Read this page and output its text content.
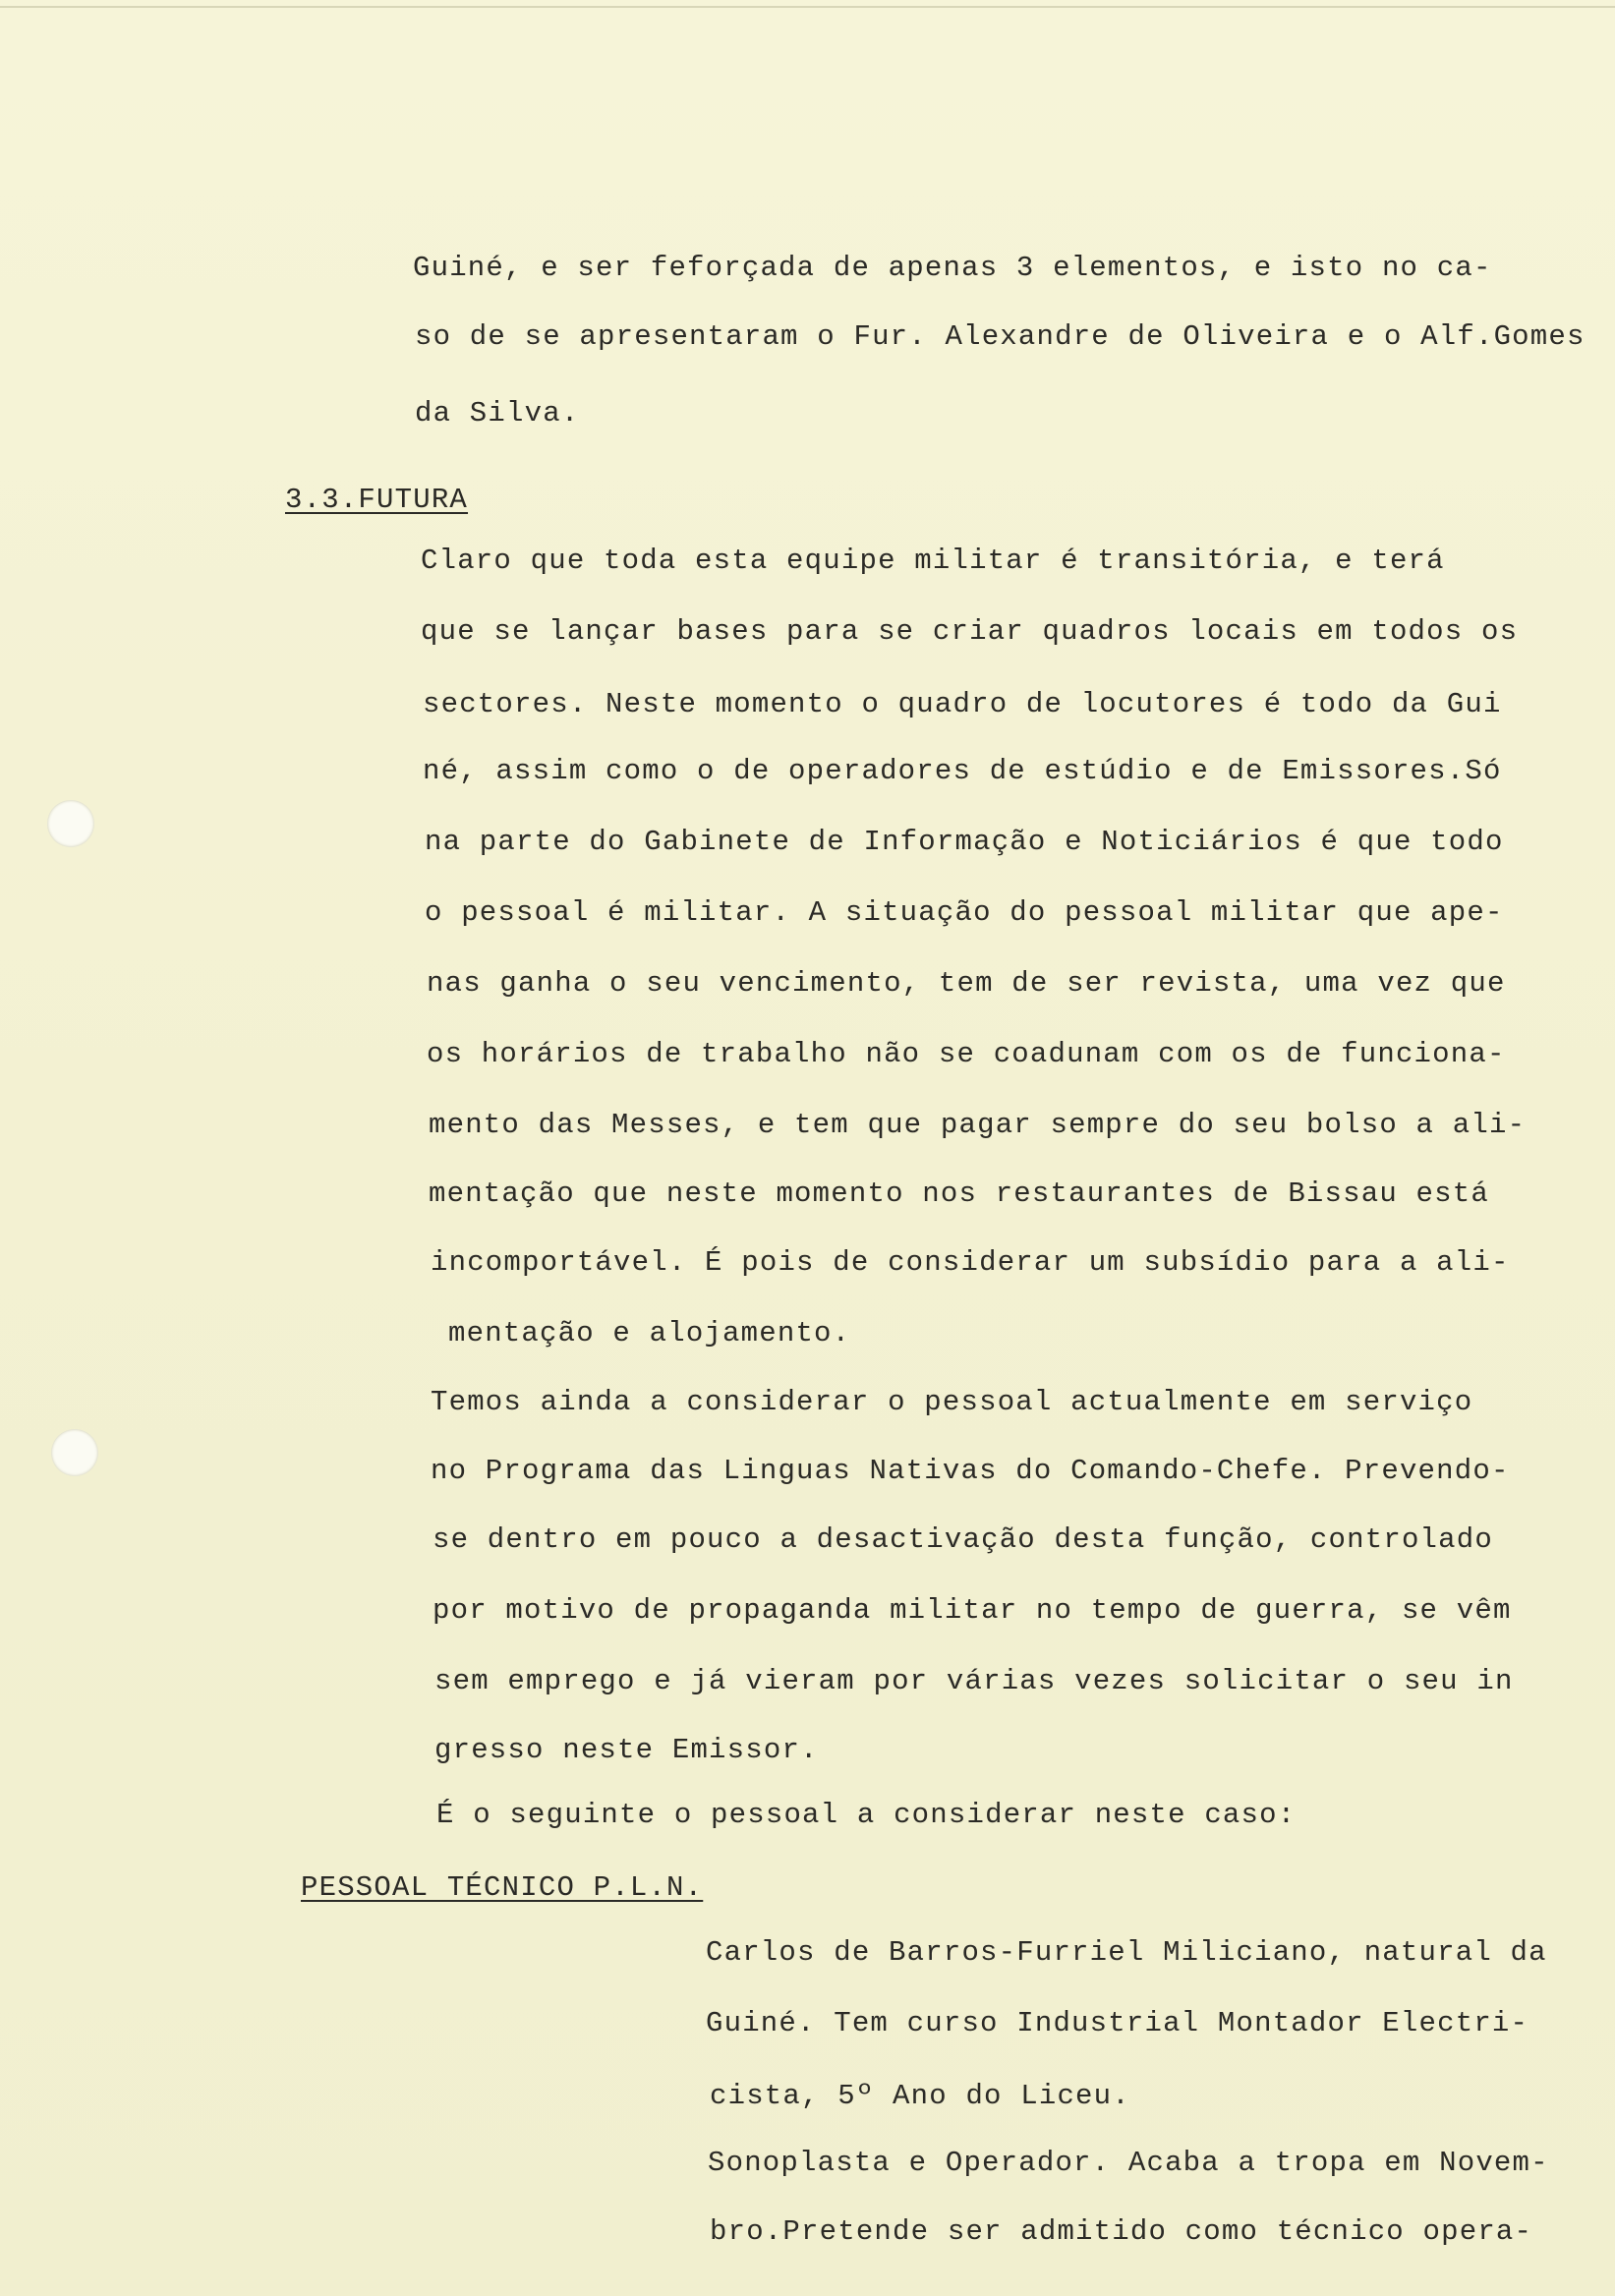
Guiné, e ser feforçada de apenas 3 elementos, e isto no ca-
so de se apresentaram o Fur. Alexandre de Oliveira e o Alf.Gomes
da Silva.
3.3.FUTURA
Claro que toda esta equipe militar é transitória, e terá
que se lançar bases para se criar quadros locais em todos os
sectores. Neste momento o quadro de locutores é todo da Gui
né, assim como o de operadores de estúdio e de Emissores.Só
na parte do Gabinete de Informação e Noticiários é que todo
o pessoal é militar. A situação do pessoal militar que ape-
nas ganha o seu vencimento, tem de ser revista, uma vez que
os horários de trabalho não se coadunam com os de funciona-
mento das Messes, e tem que pagar sempre do seu bolso a ali-
mentação que neste momento nos restaurantes de Bissau está
incomportável. É pois de considerar um subsídio para a ali-
mentação e alojamento.
Temos ainda a considerar o pessoal actualmente em serviço
no Programa das Linguas Nativas do Comando-Chefe. Prevendo-
se dentro em pouco a desactivação desta função, controlado
por motivo de propaganda militar no tempo de guerra, se vêm
sem emprego e já vieram por várias vezes solicitar o seu in
gresso neste Emissor.
É o seguinte o pessoal a considerar neste caso:
PESSOAL TÉCNICO P.L.N.
Carlos de Barros-Furriel Miliciano, natural da
Guiné. Tem curso Industrial Montador Electri-
cista, 5º Ano do Liceu.
Sonoplasta e Operador. Acaba a tropa em Novem-
bro.Pretende ser admitido como técnico opera-
